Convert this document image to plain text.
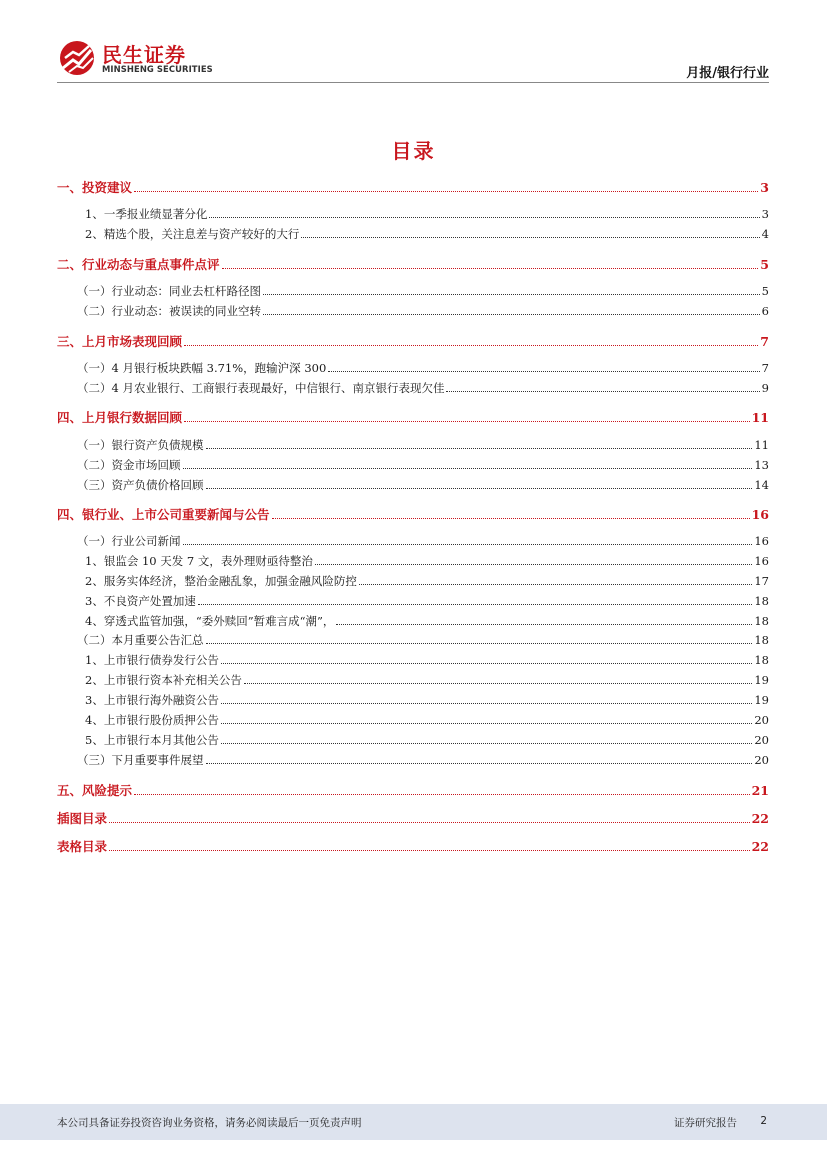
民生证券
MINSHENG SECURITIES	月报/银行行业
目录
一、投资建议	3
1、一季报业绩显著分化	3
2、精选个股，关注息差与资产较好的大行	4
二、行业动态与重点事件点评	5
（一）行业动态：同业去杠杆路径图	5
（二）行业动态：被误读的同业空转	6
三、上月市场表现回顾	7
（一）4 月银行板块跌幅 3.71%，跑输沪深 300	7
（二）4 月农业银行、工商银行表现最好，中信银行、南京银行表现欠佳	9
四、上月银行数据回顾	11
（一）银行资产负债规模	11
（二）资金市场回顾	13
（三）资产负债价格回顾	14
四、银行业、上市公司重要新闻与公告	16
（一）行业公司新闻	16
1、银监会 10 天发 7 文，表外理财亟待整治	16
2、服务实体经济，整治金融乱象，加强金融风险防控	17
3、不良资产处置加速	18
4、穿透式监管加强，“委外赎回”暂难言成“潮”，	18
（二）本月重要公告汇总	18
1、上市银行债券发行公告	18
2、上市银行资本补充相关公告	19
3、上市银行海外融资公告	19
4、上市银行股份质押公告	20
5、上市银行本月其他公告	20
（三）下月重要事件展望	20
五、风险提示	21
插图目录	22
表格目录	22
本公司具备证券投资咨询业务资格，请务必阅读最后一页免责声明	证券研究报告 2
